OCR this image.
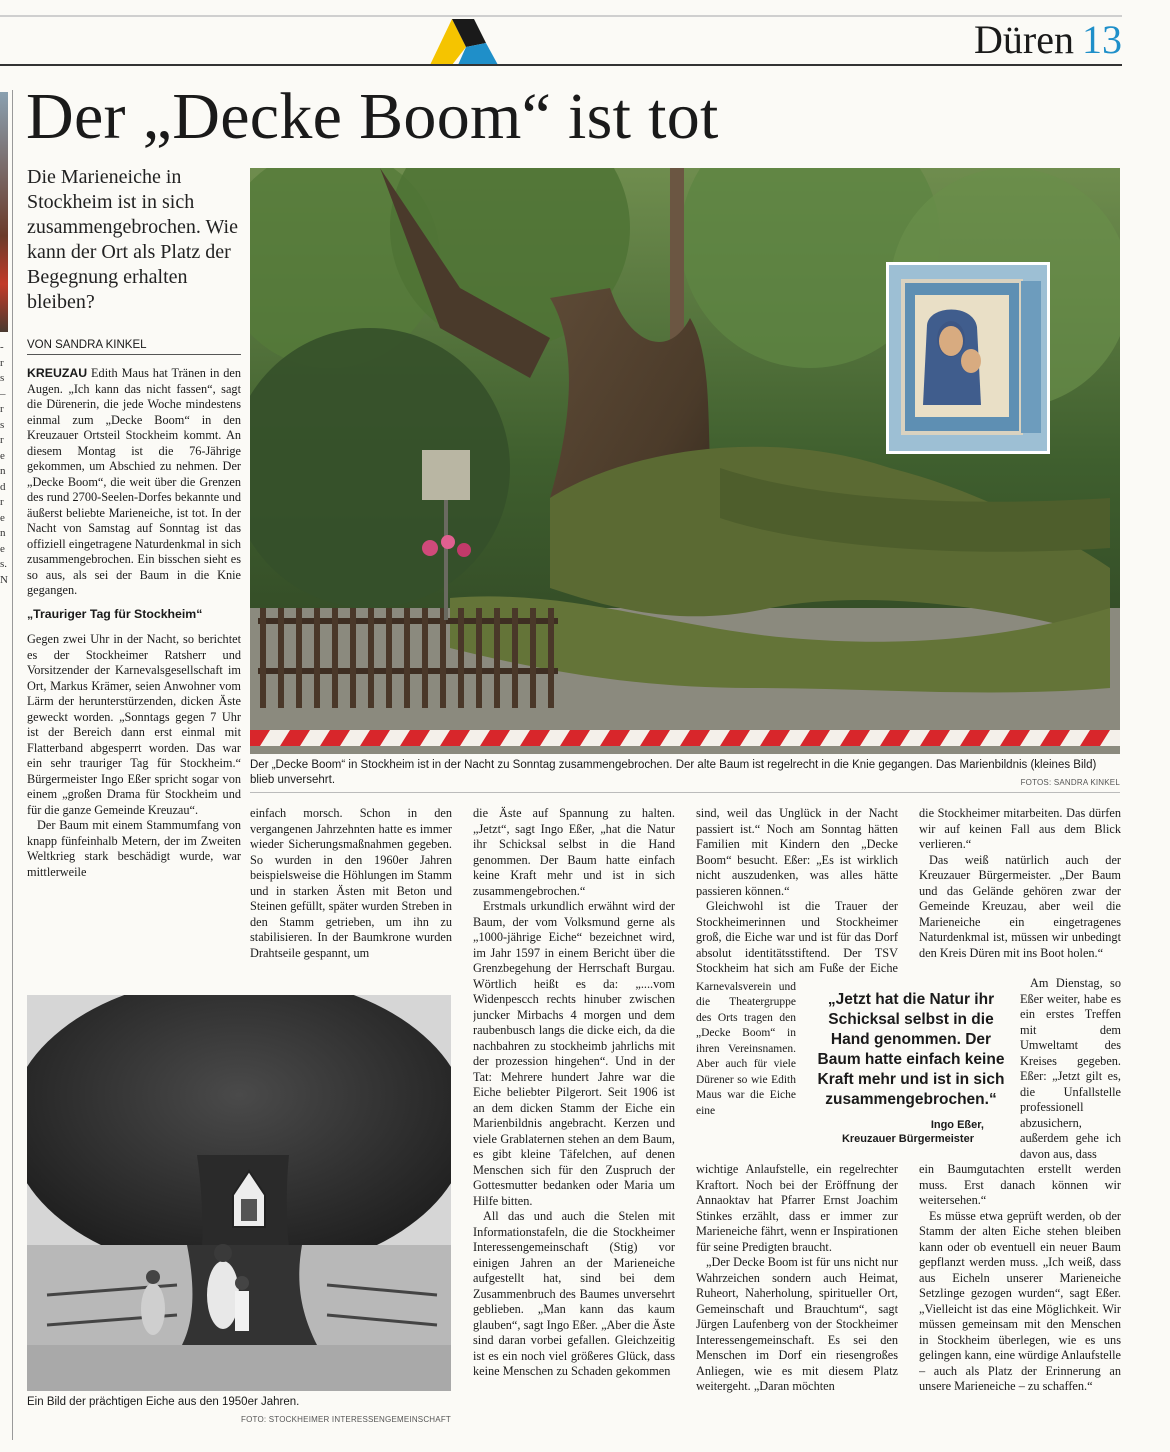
Düren 13
Der „Decke Boom“ ist tot
Die Marieneiche in Stockheim ist in sich zusammengebrochen. Wie kann der Ort als Platz der Begegnung erhalten bleiben?
VON SANDRA KINKEL

KREUZAU Edith Maus hat Tränen in den Augen. „Ich kann das nicht fassen“, sagt die Dürenerin, die jede Woche mindestens einmal zum „Decke Boom“ in den Kreuzauer Ortsteil Stockheim kommt. An diesem Montag ist die 76-Jährige gekommen, um Abschied zu nehmen. Der „Decke Boom“, die weit über die Grenzen des rund 2700-Seelen-Dorfes bekannte und äußerst beliebte Marieneiche, ist tot. In der Nacht von Samstag auf Sonntag ist das offiziell eingetragene Naturdenkmal in sich zusammengebrochen. Ein bisschen sieht es so aus, als sei der Baum in die Knie gegangen.

„Trauriger Tag für Stockheim“

Gegen zwei Uhr in der Nacht, so berichtet es der Stockheimer Ratsherr und Vorsitzender der Karnevalsgesellschaft im Ort, Markus Krämer, seien Anwohner vom Lärm der herunterstürzenden, dicken Äste geweckt worden. „Sonntags gegen 7 Uhr ist der Bereich dann erst einmal mit Flatterband abgesperrt worden. Das war ein sehr trauriger Tag für Stockheim.“ Bürgermeister Ingo Eßer spricht sogar von einem „großen Drama für Stockheim und für die ganze Gemeinde Kreuzau“.

Der Baum mit einem Stammumfang von knapp fünfeinhalb Metern, der im Zweiten Weltkrieg stark beschädigt wurde, war mittlerweile

Der „Decke Boom“ in Stockheim ist in der Nacht zu Sonntag zusammengebrochen. Der alte Baum ist regelrecht in die Knie gegangen. Das Marienbildnis (kleines Bild) blieb unversehrt.	FOTOS: SANDRA KINKEL

einfach morsch. Schon in den vergangenen Jahrzehnten hatte es immer wieder Sicherungsmaßnahmen gegeben. So wurden in den 1960er Jahren beispielsweise die Höhlungen im Stamm und in starken Ästen mit Beton und Steinen gefüllt, später wurden Streben in den Stamm getrieben, um ihn zu stabilisieren. In der Baumkrone wurden Drahtseile gespannt, um

Ein Bild der prächtigen Eiche aus den 1950er Jahren.
FOTO: STOCKHEIMER INTERESSENGEMEINSCHAFT

die Äste auf Spannung zu halten. „Jetzt“, sagt Ingo Eßer, „hat die Natur ihr Schicksal selbst in die Hand genommen. Der Baum hatte einfach keine Kraft mehr und ist in sich zusammengebrochen.“

Erstmals urkundlich erwähnt wird der Baum, der vom Volksmund gerne als „1000-jährige Eiche“ bezeichnet wird, im Jahr 1597 in einem Bericht über die Grenzbegehung der Herrschaft Burgau. Wörtlich heißt es da: „....vom Widenpescch rechts hinuber zwischen juncker Mirbachs 4 morgen und dem raubenbusch langs die dicke eich, da die nachbahren zu stockheimb jahrlichs mit der prozession hingehen“. Und in der Tat: Mehrere hundert Jahre war die Eiche beliebter Pilgerort. Seit 1906 ist an dem dicken Stamm der Eiche ein Marienbildnis angebracht. Kerzen und viele Grablaternen stehen an dem Baum, es gibt kleine Täfelchen, auf denen Menschen sich für den Zuspruch der Gottesmutter bedanken oder Maria um Hilfe bitten.

All das und auch die Stelen mit Informationstafeln, die die Stockheimer Interessengemeinschaft (Stig) vor einigen Jahren an der Marieneiche aufgestellt hat, sind bei dem Zusammenbruch des Baumes unversehrt geblieben. „Man kann das kaum glauben“, sagt Ingo Eßer. „Aber die Äste sind daran vorbei gefallen. Gleichzeitig ist es ein noch viel größeres Glück, dass keine Menschen zu Schaden gekommen

sind, weil das Unglück in der Nacht passiert ist.“ Noch am Sonntag hätten Familien mit Kindern den „Decke Boom“ besucht. Eßer: „Es ist wirklich nicht auszudenken, was alles hätte passieren können.“

Gleichwohl ist die Trauer der Stockheimerinnen und Stockheimer groß, die Eiche war und ist für das Dorf absolut identitätsstiftend. Der TSV Stockheim hat sich am Fuße der Eiche

Karnevalsverein und die Theatergruppe des Orts tragen den „Decke Boom“ in ihren Vereinsnamen. Aber auch für viele Dürener so wie Edith Maus war die Eiche eine

wichtige Anlaufstelle, ein regelrechter Kraftort. Noch bei der Eröffnung der Annaoktav hat Pfarrer Ernst Joachim Stinkes erzählt, dass er immer zur Marieneiche fährt, wenn er Inspirationen für seine Predigten braucht.

„Der Decke Boom ist für uns nicht nur Wahrzeichen sondern auch Heimat, Ruheort, Naherholung, spiritueller Ort, Gemeinschaft und Brauchtum“, sagt Jürgen Laufenberg von der Stockheimer Interessengemeinschaft. Es sei den Menschen im Dorf ein riesengroßes Anliegen, wie es mit diesem Platz weitergeht. „Daran möchten

„Jetzt hat die Natur ihr Schicksal selbst in die Hand genommen. Der Baum hatte einfach keine Kraft mehr und ist in sich zusammengebrochen.“
Ingo Eßer,
Kreuzauer Bürgermeister

die Stockheimer mitarbeiten. Das dürfen wir auf keinen Fall aus dem Blick verlieren.“

Das weiß natürlich auch der Kreuzauer Bürgermeister. „Der Baum und das Gelände gehören zwar der Gemeinde Kreuzau, aber weil die Marieneiche ein eingetragenes Naturdenkmal ist, müssen wir unbedingt den Kreis Düren mit ins Boot holen.“

Am Dienstag, so Eßer weiter, habe es ein erstes Treffen mit dem Umweltamt des Kreises gegeben. Eßer: „Jetzt gilt es, die Unfallstelle professionell abzusichern, außerdem gehe ich davon aus, dass

ein Baumgutachten erstellt werden muss. Erst danach können wir weitersehen.“

Es müsse etwa geprüft werden, ob der Stamm der alten Eiche stehen bleiben kann oder ob eventuell ein neuer Baum gepflanzt werden muss. „Ich weiß, dass aus Eicheln unserer Marieneiche Setzlinge gezogen wurden“, sagt Eßer. „Vielleicht ist das eine Möglichkeit. Wir müssen gemeinsam mit den Menschen in Stockheim überlegen, wie es uns gelingen kann, eine würdige Anlaufstelle – auch als Platz der Erinnerung an unsere Marieneiche – zu schaffen.“

-
r
s
–
r
s
r
e
n
d
r
e
n
e
s.
N
